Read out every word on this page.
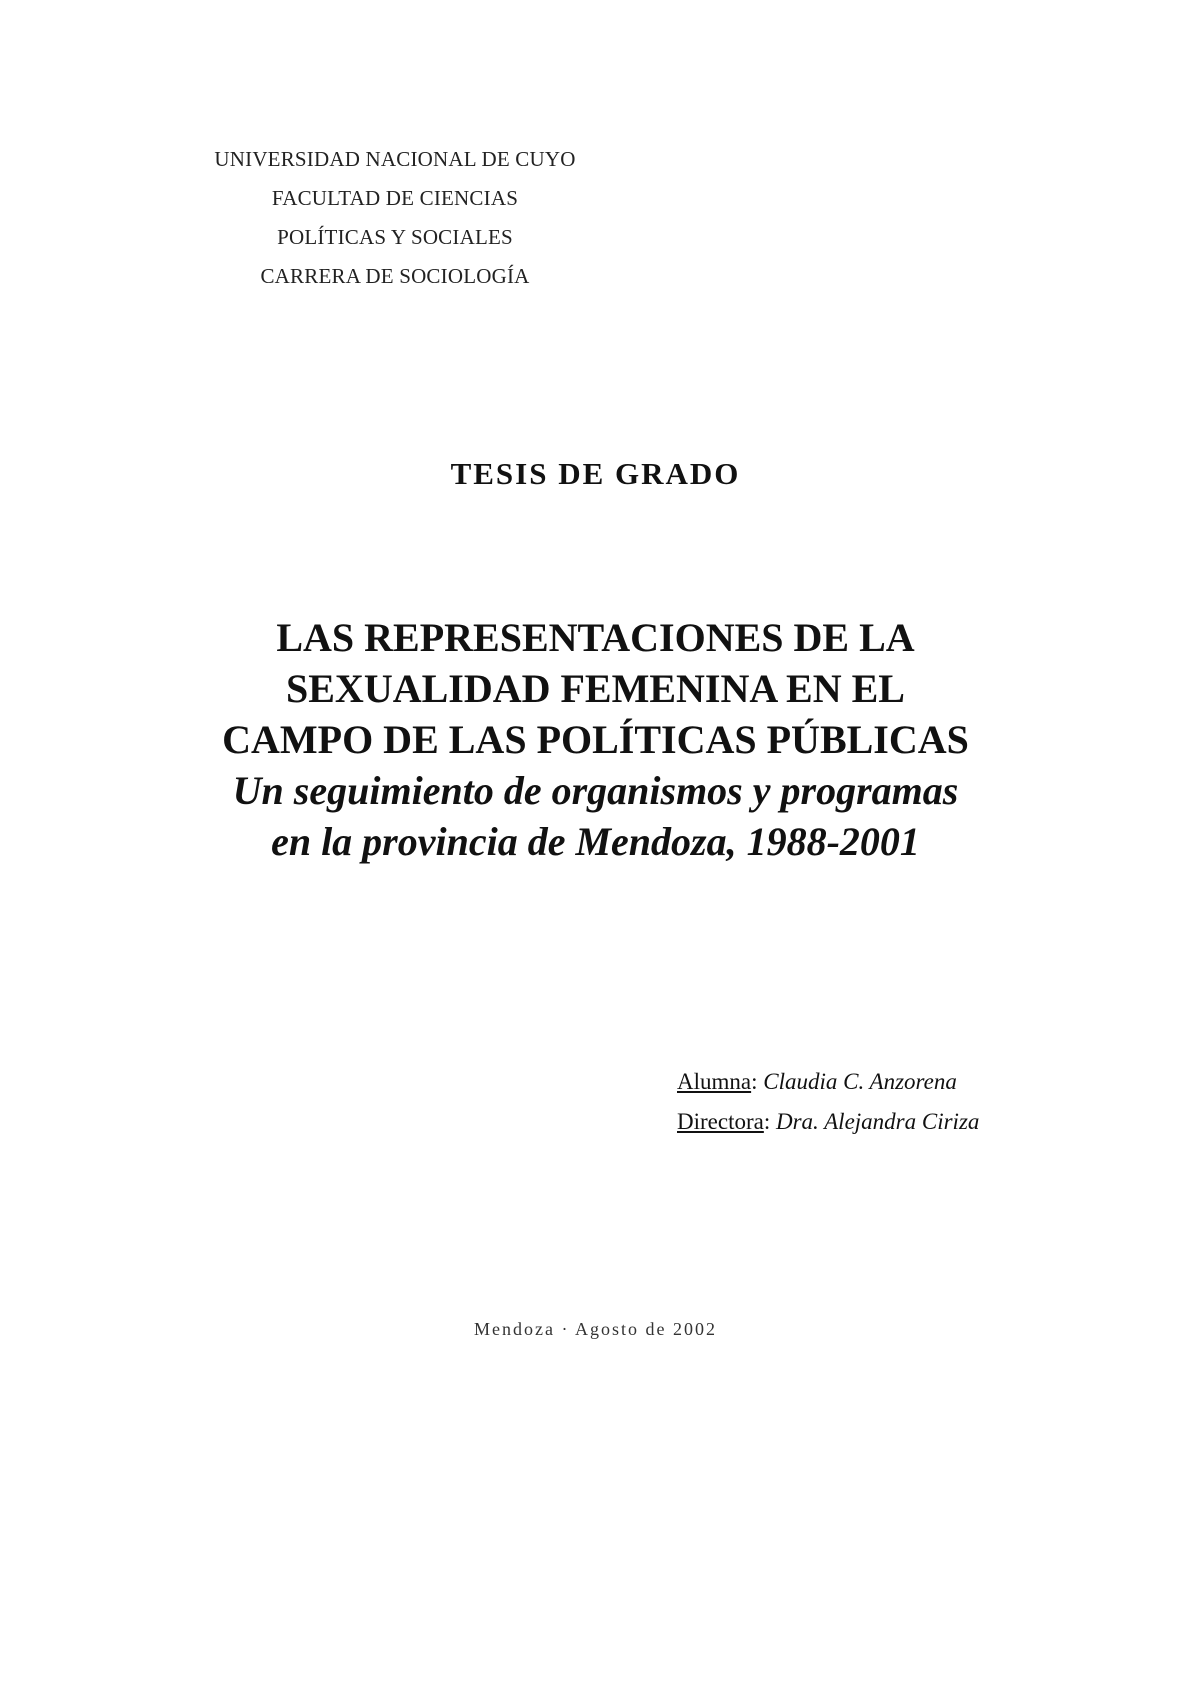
UNIVERSIDAD NACIONAL DE CUYO
FACULTAD DE CIENCIAS
POLÍTICAS Y SOCIALES
CARRERA DE SOCIOLOGÍA
TESIS DE GRADO
LAS REPRESENTACIONES DE LA
SEXUALIDAD FEMENINA EN EL
CAMPO DE LAS POLÍTICAS PÚBLICAS
Un seguimiento de organismos y programas
en la provincia de Mendoza, 1988-2001
Alumna: Claudia C. Anzorena
Directora: Dra. Alejandra Ciriza
Mendoza · Agosto de 2002
